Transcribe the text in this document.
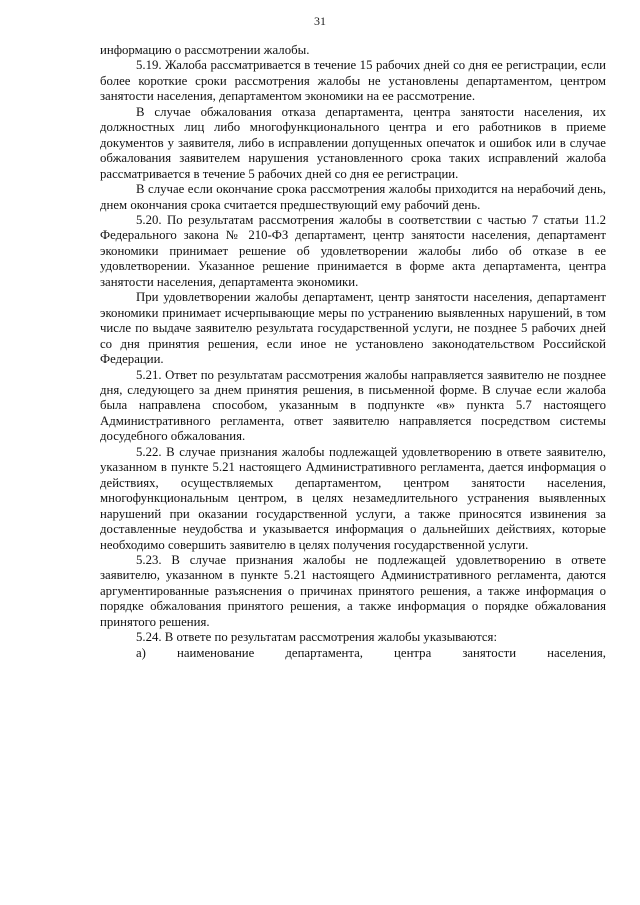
31

информацию о рассмотрении жалобы.

5.19. Жалоба рассматривается в течение 15 рабочих дней со дня ее регистрации, если более короткие сроки рассмотрения жалобы не установлены департаментом, центром занятости населения, департаментом экономики на ее рассмотрение.

В случае обжалования отказа департамента, центра занятости населения, их должностных лиц либо многофункционального центра и его работников в приеме документов у заявителя, либо в исправлении допущенных опечаток и ошибок или в случае обжалования заявителем нарушения установленного срока таких исправлений жалоба рассматривается в течение 5 рабочих дней со дня ее регистрации.

В случае если окончание срока рассмотрения жалобы приходится на нерабочий день, днем окончания срока считается предшествующий ему рабочий день.

5.20. По результатам рассмотрения жалобы в соответствии с частью 7 статьи 11.2 Федерального закона № 210-ФЗ департамент, центр занятости населения, департамент экономики принимает решение об удовлетворении жалобы либо об отказе в ее удовлетворении. Указанное решение принимается в форме акта департамента, центра занятости населения, департамента экономики.

При удовлетворении жалобы департамент, центр занятости населения, департамент экономики принимает исчерпывающие меры по устранению выявленных нарушений, в том числе по выдаче заявителю результата государственной услуги, не позднее 5 рабочих дней со дня принятия решения, если иное не установлено законодательством Российской Федерации.

5.21. Ответ по результатам рассмотрения жалобы направляется заявителю не позднее дня, следующего за днем принятия решения, в письменной форме. В случае если жалоба была направлена способом, указанным в подпункте «в» пункта 5.7 настоящего Административного регламента, ответ заявителю направляется посредством системы досудебного обжалования.

5.22. В случае признания жалобы подлежащей удовлетворению в ответе заявителю, указанном в пункте 5.21 настоящего Административного регламента, дается информация о действиях, осуществляемых департаментом, центром занятости населения, многофункциональным центром, в целях незамедлительного устранения выявленных нарушений при оказании государственной услуги, а также приносятся извинения за доставленные неудобства и указывается информация о дальнейших действиях, которые необходимо совершить заявителю в целях получения государственной услуги.

5.23. В случае признания жалобы не подлежащей удовлетворению в ответе заявителю, указанном в пункте 5.21 настоящего Административного регламента, даются аргументированные разъяснения о причинах принятого решения, а также информация о порядке обжалования принятого решения, а также информация о порядке обжалования принятого решения.

5.24. В ответе по результатам рассмотрения жалобы указываются:

а) наименование департамента, центра занятости населения,
